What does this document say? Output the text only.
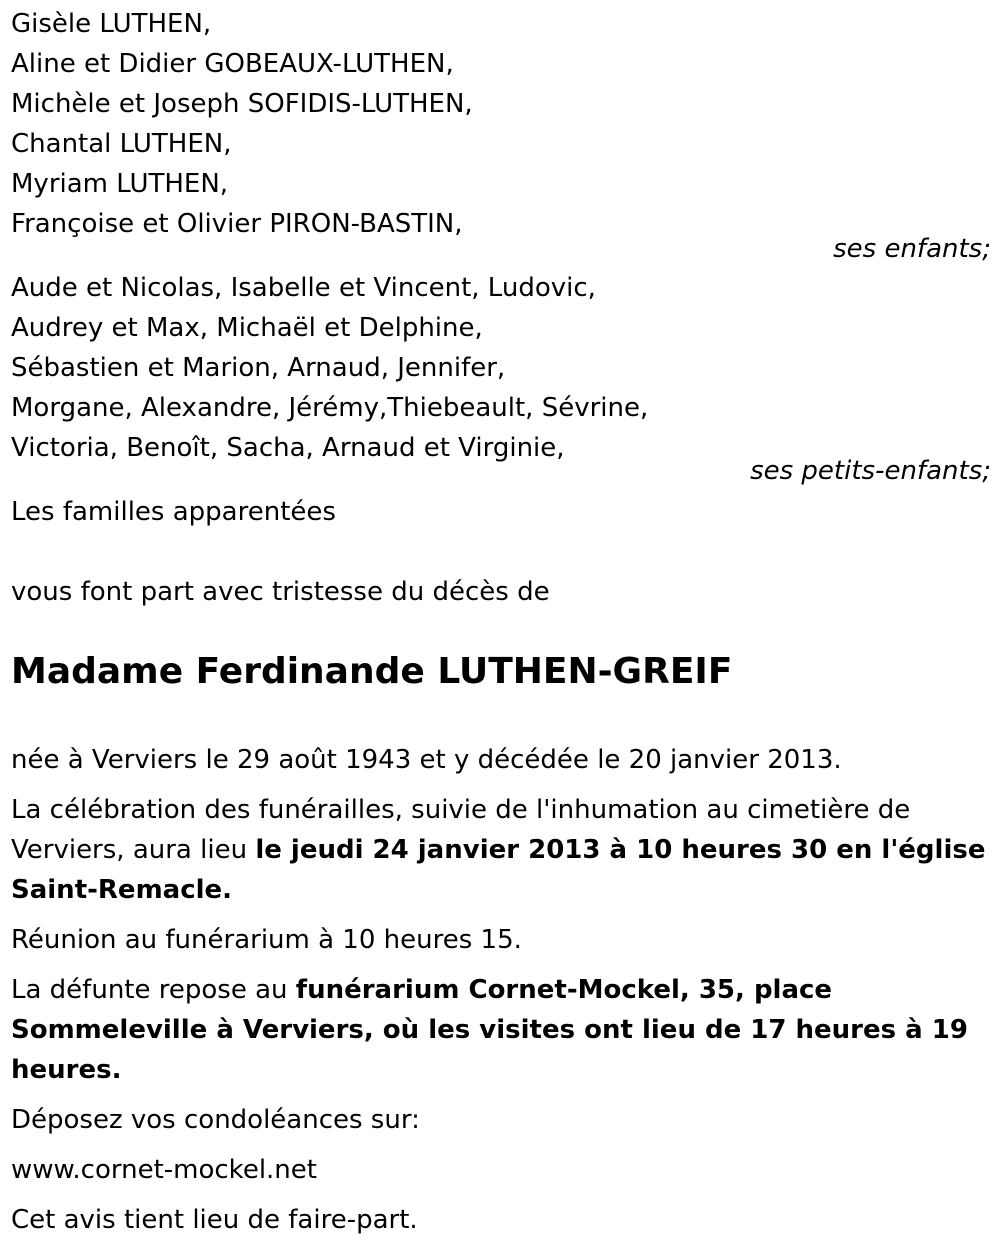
Gisèle LUTHEN,
Aline et Didier GOBEAUX-LUTHEN,
Michèle et Joseph SOFIDIS-LUTHEN,
Chantal LUTHEN,
Myriam LUTHEN,
Françoise et Olivier PIRON-BASTIN,
ses enfants;
Aude et Nicolas, Isabelle et Vincent, Ludovic,
Audrey et Max, Michaël et Delphine,
Sébastien et Marion, Arnaud, Jennifer,
Morgane, Alexandre, Jérémy,Thiebeault, Sévrine,
Victoria, Benoît, Sacha, Arnaud et Virginie,
ses petits-enfants;
Les familles apparentées
vous font part avec tristesse du décès de
Madame Ferdinande LUTHEN-GREIF
née à Verviers le 29 août 1943 et y décédée le 20 janvier 2013.
La célébration des funérailles, suivie de l'inhumation au cimetière de Verviers, aura lieu le jeudi 24 janvier 2013 à 10 heures 30 en l'église Saint-Remacle.
Réunion au funérarium à 10 heures 15.
La défunte repose au funérarium Cornet-Mockel, 35, place Sommeleville à Verviers, où les visites ont lieu de 17 heures à 19 heures.
Déposez vos condoléances sur:
www.cornet-mockel.net
Cet avis tient lieu de faire-part.
